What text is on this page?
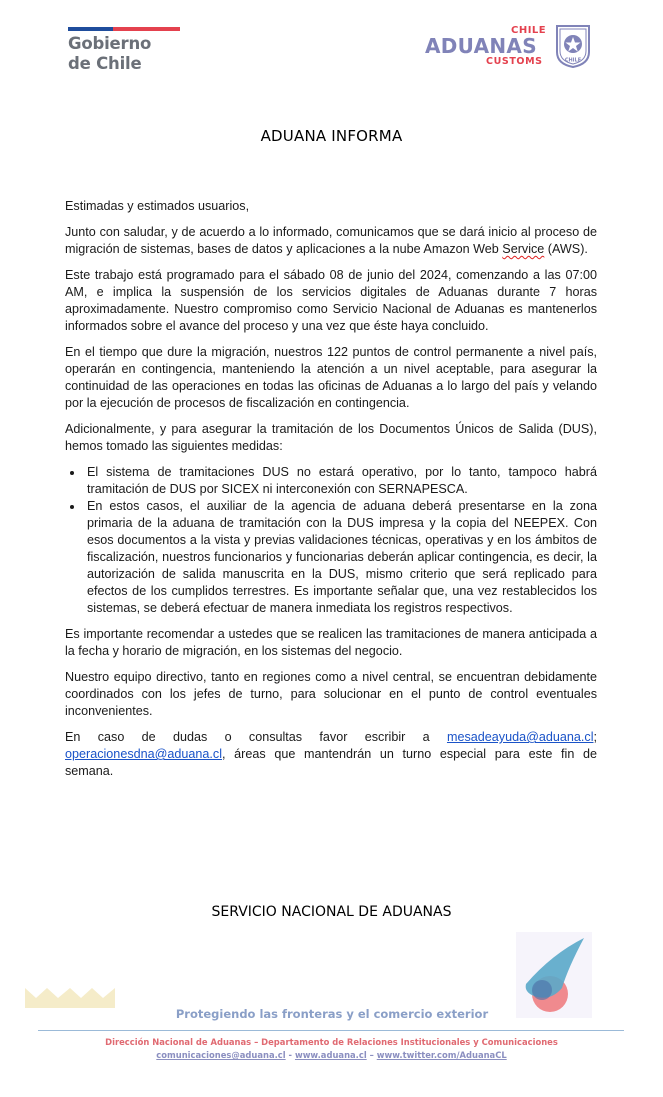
Gobierno
de Chile
CHILE
ADUANAS
CUSTOMS	CHILE
ADUANA INFORMA

Estimadas y estimados usuarios,

Junto con saludar, y de acuerdo a lo informado, comunicamos que se dará inicio al proceso de migración de sistemas, bases de datos y aplicaciones a la nube Amazon Web Service (AWS).

Este trabajo está programado para el sábado 08 de junio del 2024, comenzando a las 07:00 AM, e implica la suspensión de los servicios digitales de Aduanas durante 7 horas aproximadamente. Nuestro compromiso como Servicio Nacional de Aduanas es mantenerlos informados sobre el avance del proceso y una vez que éste haya concluido.

En el tiempo que dure la migración, nuestros 122 puntos de control permanente a nivel país, operarán en contingencia, manteniendo la atención a un nivel aceptable, para asegurar la continuidad de las operaciones en todas las oficinas de Aduanas a lo largo del país y velando por la ejecución de procesos de fiscalización en contingencia.

Adicionalmente, y para asegurar la tramitación de los Documentos Únicos de Salida (DUS), hemos tomado las siguientes medidas:

El sistema de tramitaciones DUS no estará operativo, por lo tanto, tampoco habrá tramitación de DUS por SICEX ni interconexión con SERNAPESCA.
En estos casos, el auxiliar de la agencia de aduana deberá presentarse en la zona primaria de la aduana de tramitación con la DUS impresa y la copia del NEEPEX. Con esos documentos a la vista y previas validaciones técnicas, operativas y en los ámbitos de fiscalización, nuestros funcionarios y funcionarias deberán aplicar contingencia, es decir, la autorización de salida manuscrita en la DUS, mismo criterio que será replicado para efectos de los cumplidos terrestres. Es importante señalar que, una vez restablecidos los sistemas, se deberá efectuar de manera inmediata los registros respectivos.

Es importante recomendar a ustedes que se realicen las tramitaciones de manera anticipada a la fecha y horario de migración, en los sistemas del negocio.

Nuestro equipo directivo, tanto en regiones como a nivel central, se encuentran debidamente coordinados con los jefes de turno, para solucionar en el punto de control eventuales inconvenientes.

En caso de dudas o consultas favor escribir a mesadeayuda@aduana.cl; operacionesdna@aduana.cl, áreas que mantendrán un turno especial para este fin de semana.

SERVICIO NACIONAL DE ADUANAS
Protegiendo las fronteras y el comercio exterior
Dirección Nacional de Aduanas – Departamento de Relaciones Institucionales y Comunicaciones
comunicaciones@aduana.cl - www.aduana.cl – www.twitter.com/AduanaCL
